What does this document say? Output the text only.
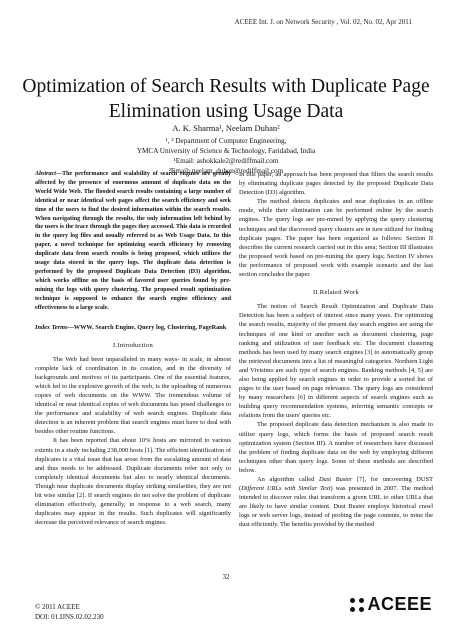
ACEEE Int. J. on Network Security , Vol. 02, No. 02, Apr 2011
Optimization of Search Results with Duplicate Page Elimination using Usage Data
A. K. Sharma¹, Neelam Duhan²
¹, ² Department of Computer Engineering,
YMCA University of Science & Technology, Faridabad, India
¹Email: ashokkale2@rediffmail.com
²Email: neelam_duhan@rediffmail.com

Abstract—The performance and scalability of search engines are greatly affected by the presence of enormous amount of duplicate data on the World Wide Web. The flooded search results containing a large number of identical or near identical web pages affect the search efficiency and seek time of the users to find the desired information within the search results. When navigating through the results, the only information left behind by the users is the trace through the pages they accessed. This data is recorded in the query log files and usually referred to as Web Usage Data. In this paper, a novel technique for optimizing search efficiency by removing duplicate data from search results is being proposed, which utilizes the usage data stored in the query logs. The duplicate data detection is performed by the proposed Duplicate Data Detection (D3) algorithm, which works offline on the basis of favored user queries found by pre-mining the logs with query clustering. The proposed result optimization technique is supposed to enhance the search engine efficiency and effectiveness to a large scale.

Index Terms—WWW, Search Engine, Query log, Clustering, PageRank

I.Introduction

The Web had been unparalleled in many ways- in scale, in almost complete lack of coordination in its creation, and in the diversity of backgrounds and motives of its participants. One of the essential features, which led to the explosive growth of the web, is the uploading of numerous copies of web documents on the WWW. The tremendous volume of identical or near identical copies of web documents has posed challenges to the performance and scalability of web search engines. Duplicate data detection is an inherent problem that search engines must have to deal with besides other routine functions.

It has been reported that about 10% hosts are mirrored to various extents in a study including 238,000 hosts [1]. The efficient identification of duplicates is a vital issue that has arose from the escalating amount of data and thus needs to be addressed. Duplicate documents refer not only to completely identical documents but also to nearly identical documents. Though near duplicate documents display striking similarities, they are not bit wise similar [2]. If search engines do not solve the problem of duplicate elimination effectively, generally, in response to a web search, many duplicates may appear in the results. Such duplicates will significantly decrease the perceived relevance of search engines.

In this paper, an approach has been proposed that filters the search results by eliminating duplicate pages detected by the proposed Duplicate Data Detection (D3) algorithm.

The method detects duplicates and near duplicates in an offline mode, while their elimination can be performed online by the search engines. The query logs are pre-mined by applying the query clustering techniques and the discovered query clusters are in turn utilized for finding duplicate pages. The paper has been organized as follows: Section II describes the current research carried out in this area; Section III illustrates the proposed work based on pre-mining the query logs; Section IV shows the performance of proposed work with example scenario and the last section concludes the paper.

II.Related Work

The notion of Search Result Optimization and Duplicate Data Detection has been a subject of interest since many years. For optimizing the search results, majority of the present day search engines are using the techniques of one kind or another such as document clustering, page ranking and utilization of user feedback etc. The document clustering methods has been used by many search engines [3] to automatically group the retrieved documents into a list of meaningful categories. Northern Light and Vivisimo are such type of search engines. Ranking methods [4, 5] are also being applied by search engines in order to provide a sorted list of pages to the user based on page relevance. The query logs are considered by many researchers [6] in different aspects of search engines such as building query recommendation systems, inferring semantic concepts or relations from the users' queries etc.

The proposed duplicate data detection mechanism is also made to utilize query logs, which forms the basis of proposed search result optimization system (Section III). A number of researchers have discussed the problem of finding duplicate data on the web by employing different techniques other than query logs. Some of these methods are described below.

An algorithm called Dust Buster [7], for uncovering DUST (Different URLs with Similar Text) was presented in 2007. The method intended to discover rules that transform a given URL to other URLs that are likely to have similar content. Dust Buster employs historical crawl logs or web server logs, instead of probing the page contents, to mine the dust efficiently. The benefits provided by the method

32
© 2011 ACEEE
DOI: 01.IJNS.02.02.230
ACEEE
